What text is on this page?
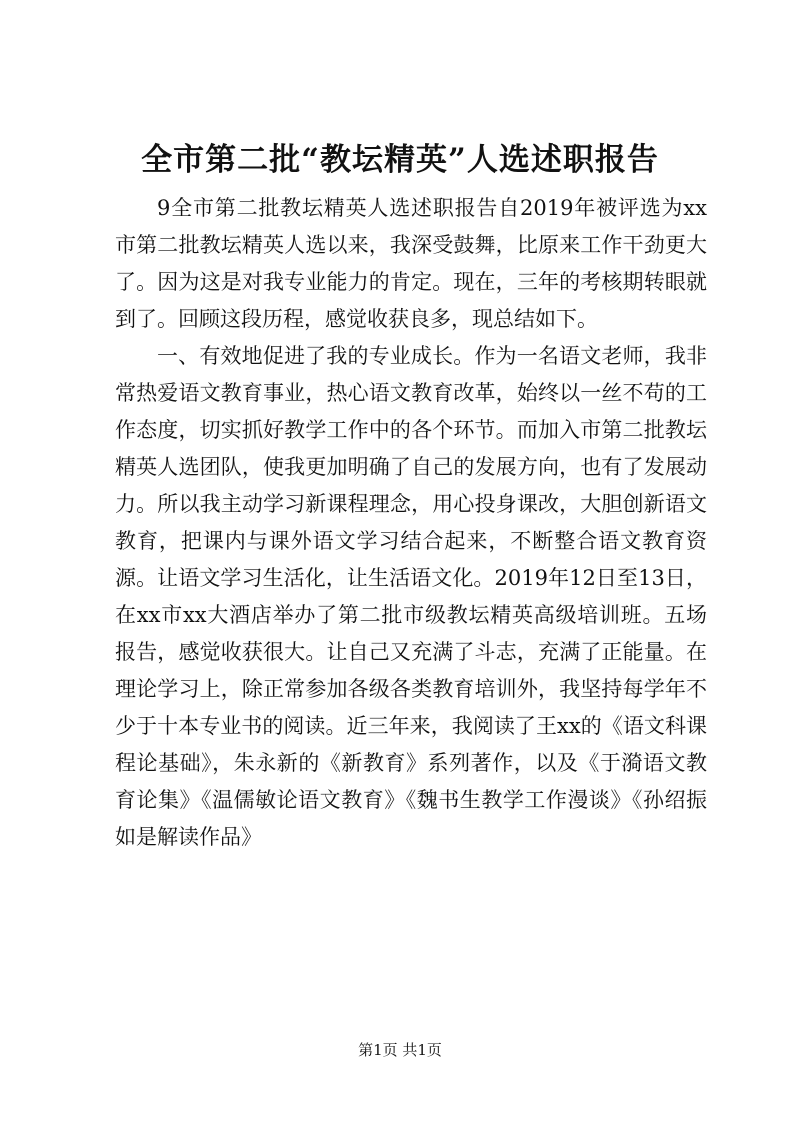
全市第二批“教坛精英”人选述职报告

9全市第二批教坛精英人选述职报告自2019年被评选为xx市第二批教坛精英人选以来，我深受鼓舞，比原来工作干劲更大了。因为这是对我专业能力的肯定。现在，三年的考核期转眼就到了。回顾这段历程，感觉收获良多，现总结如下。

一、有效地促进了我的专业成长。作为一名语文老师，我非常热爱语文教育事业，热心语文教育改革，始终以一丝不苟的工作态度，切实抓好教学工作中的各个环节。而加入市第二批教坛精英人选团队，使我更加明确了自己的发展方向，也有了发展动力。所以我主动学习新课程理念，用心投身课改，大胆创新语文教育，把课内与课外语文学习结合起来，不断整合语文教育资源。让语文学习生活化，让生活语文化。2019年12日至13日，在xx市xx大酒店举办了第二批市级教坛精英高级培训班。五场报告，感觉收获很大。让自己又充满了斗志，充满了正能量。在理论学习上，除正常参加各级各类教育培训外，我坚持每学年不少于十本专业书的阅读。近三年来，我阅读了王xx的《语文科课程论基础》，朱永新的《新教育》系列著作，以及《于漪语文教育论集》《温儒敏论语文教育》《魏书生教学工作漫谈》《孙绍振如是解读作品》

第1页 共1页
